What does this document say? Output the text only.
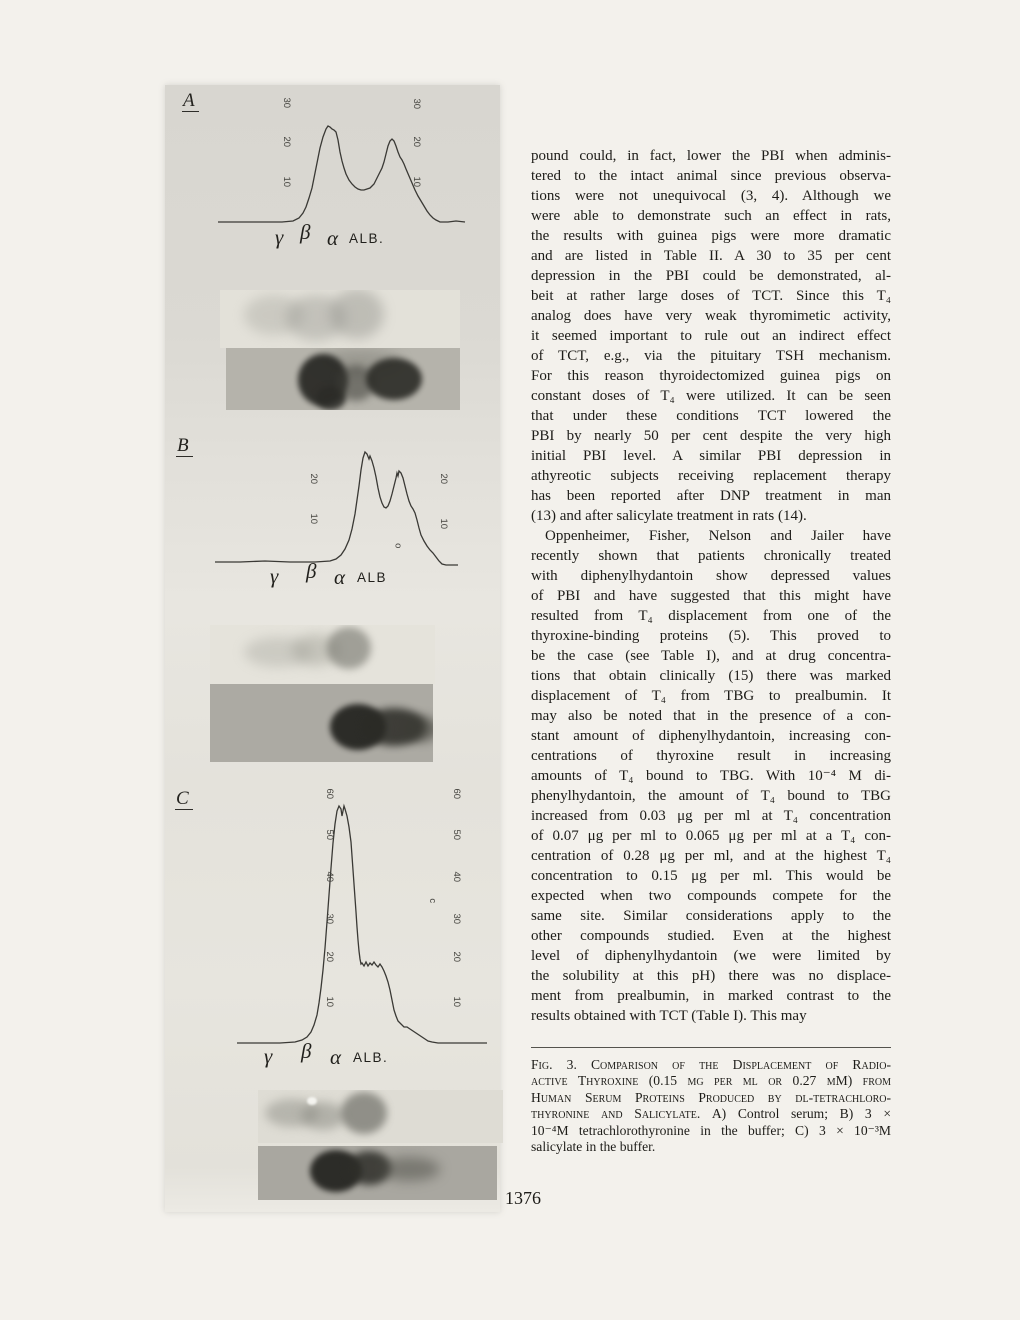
A	30
20
10
30
20
10
γ β α ALB.
B
20
10
20
10
o
γ β α ALB
C	60
50
40
30
20
10
60
50
40
c
30
20
10
γ β α ALB.
pound could, in fact, lower the PBI when adminis-
tered to the intact animal since previous observa-
tions were not unequivocal (3, 4). Although we
were able to demonstrate such an effect in rats,
the results with guinea pigs were more dramatic
and are listed in Table II. A 30 to 35 per cent
depression in the PBI could be demonstrated, al-
beit at rather large doses of TCT. Since this T₄
analog does have very weak thyromimetic activity,
it seemed important to rule out an indirect effect
of TCT, e.g., via the pituitary TSH mechanism.
For this reason thyroidectomized guinea pigs on
constant doses of T₄ were utilized. It can be seen
that under these conditions TCT lowered the
PBI by nearly 50 per cent despite the very high
initial PBI level. A similar PBI depression in
athyreotic subjects receiving replacement therapy
has been reported after DNP treatment in man
(13) and after salicylate treatment in rats (14).
Oppenheimer, Fisher, Nelson and Jailer have
recently shown that patients chronically treated
with diphenylhydantoin show depressed values
of PBI and have suggested that this might have
resulted from T₄ displacement from one of the
thyroxine-binding proteins (5). This proved to
be the case (see Table I), and at drug concentra-
tions that obtain clinically (15) there was marked
displacement of T₄ from TBG to prealbumin. It
may also be noted that in the presence of a con-
stant amount of diphenylhydantoin, increasing con-
centrations of thyroxine result in increasing
amounts of T₄ bound to TBG. With 10⁻⁴ M di-
phenylhydantoin, the amount of T₄ bound to TBG
increased from 0.03 μg per ml at T₄ concentration
of 0.07 μg per ml to 0.065 μg per ml at a T₄ con-
centration of 0.28 μg per ml, and at the highest T₄
concentration to 0.15 μg per ml. This would be
expected when two compounds compete for the
same site. Similar considerations apply to the
other compounds studied. Even at the highest
level of diphenylhydantoin (we were limited by
the solubility at this pH) there was no displace-
ment from prealbumin, in marked contrast to the
results obtained with TCT (Table I). This may
Fig. 3. Comparison of the Displacement of Radio-
active Thyroxine (0.15 μg per ml or 0.27 μM) from
Human Serum Proteins Produced by dl-tetrachloro-
thyronine and Salicylate. A) Control serum; B) 3 ×
10⁻⁴M tetrachlorothyronine in the buffer; C) 3 × 10⁻³M
salicylate in the buffer.
1376
